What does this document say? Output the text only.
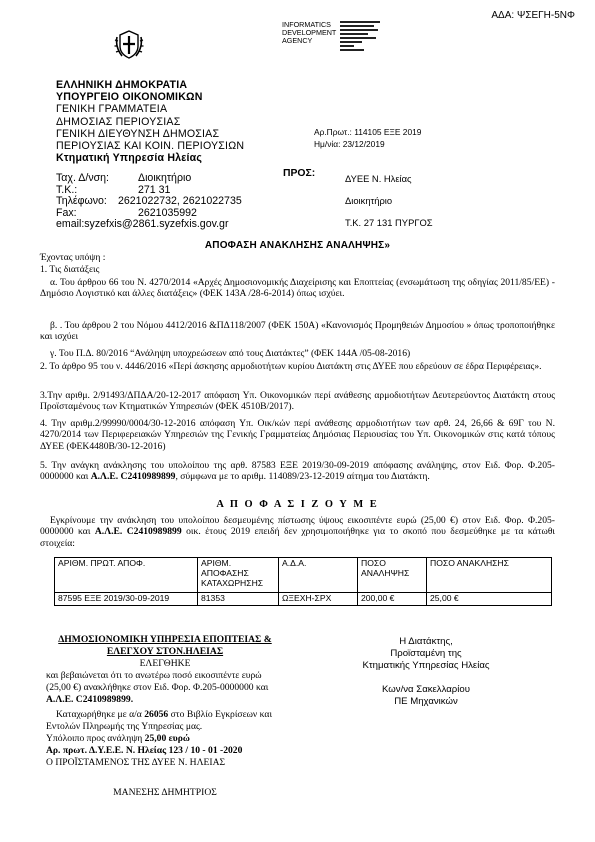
ΑΔΑ: ΨΣΕΓΗ-5ΝΦ
INFORMATICS
DEVELOPMENT
AGENCY
ΕΛΛΗΝΙΚΗ ΔΗΜΟΚΡΑΤΙΑ
ΥΠΟΥΡΓΕΙΟ ΟΙΚΟΝΟΜΙΚΩΝ
ΓΕΝΙΚΗ ΓΡΑΜΜΑΤΕΙΑ
ΔΗΜΟΣΙΑΣ ΠΕΡΙΟΥΣΙΑΣ
ΓΕΝΙΚΗ ΔΙΕΥΘΥΝΣΗ ΔΗΜΟΣΙΑΣ
ΠΕΡΙΟΥΣΙΑΣ ΚΑΙ ΚΟΙΝ. ΠΕΡΙΟΥΣΙΩΝ
Κτηματική Υπηρεσία Ηλείας
Ταχ. Δ/νση:	Διοικητήριο
Τ.Κ.:	271 31
Τηλέφωνο: 2621022732, 2621022735
Fax:	2621035992
email:syzefxis@2861.syzefxis.gov.gr
Αρ.Πρωτ.: 114105 ΕΞΕ 2019
Ημ/νία: 23/12/2019
ΠΡΟΣ:	ΔΥΕΕ Ν. Ηλείας
Διοικητήριο
Τ.Κ. 27 131 ΠΥΡΓΟΣ
ΑΠΟΦΑΣΗ ΑΝΑΚΛΗΣΗΣ ΑΝΑΛΗΨΗΣ»
Έχοντας υπόψη :
1. Τις διατάξεις
α. Του άρθρου 66 του Ν. 4270/2014 «Αρχές Δημοσιονομικής Διαχείρισης και Εποπτείας (ενσωμάτωση της οδηγίας 2011/85/ΕΕ) - Δημόσιο Λογιστικό και άλλες διατάξεις» (ΦΕΚ 143Α /28-6-2014) όπως ισχύει.
β. . Του άρθρου 2 του Νόμου 4412/2016 &ΠΔ118/2007 (ΦΕΚ 150Α) «Κανονισμός Προμηθειών Δημοσίου » όπως τροποποιήθηκε και ισχύει
γ. Του Π.Δ. 80/2016 “Ανάληψη υποχρεώσεων από τους Διατάκτες” (ΦΕΚ 144Α /05-08-2016)
2. Το άρθρο 95 του ν. 4446/2016 «Περί άσκησης αρμοδιοτήτων κυρίου Διατάκτη στις ΔΥΕΕ που εδρεύουν σε έδρα Περιφέρειας».
3.Την αριθμ. 2/91493/ΔΠΔΑ/20-12-2017 απόφαση Υπ. Οικονομικών περί ανάθεσης αρμοδιοτήτων Δευτερεύοντος Διατάκτη στους Προϊσταμένους των Κτηματικών Υπηρεσιών (ΦΕΚ 4510Β/2017).
4. Την αριθμ.2/99990/0004/30-12-2016 απόφαση Υπ. Οικ/κών περί ανάθεσης αρμοδιοτήτων των αρθ. 24, 26,66 & 69Γ του Ν. 4270/2014 των Περιφερειακών Υπηρεσιών της Γενικής Γραμματείας Δημόσιας Περιουσίας του Υπ. Οικονομικών στις κατά τόπους ΔΥΕΕ (ΦΕΚ4480Β/30-12-2016)
5. Την ανάγκη ανάκλησης του υπολοίπου της αρθ. 87583 ΕΞΕ 2019/30-09-2019 απόφασης ανάληψης, στον Ειδ. Φορ. Φ.205-0000000 και Α.Λ.Ε. C2410989899, σύμφωνα με το αριθμ. 114089/23-12-2019 αίτημα του Διατάκτη.
Α Π Ο Φ Α Σ Ι Ζ Ο Υ Μ Ε
Εγκρίνουμε την ανάκληση του υπολοίπου δεσμευμένης πίστωσης ύψους εικοσιπέντε ευρώ (25,00 €) στον Ειδ. Φορ. Φ.205-0000000 και Α.Λ.Ε. C2410989899 οικ. έτους 2019 επειδή δεν χρησιμοποιήθηκε για το σκοπό που δεσμεύθηκε με τα κάτωθι στοιχεία:
ΑΡΙΘΜ. ΠΡΩΤ. ΑΠΟΦ.	ΑΡΙΘΜ. ΑΠΟΦΑΣΗΣ ΚΑΤΑΧΩΡΗΣΗΣ	Α.Δ.Α.	ΠΟΣΟ ΑΝΑΛΗΨΗΣ	ΠΟΣΟ ΑΝΑΚΛΗΣΗΣ
87595 ΕΞΕ 2019/30-09-2019	81353	ΩΞΕΧΗ-ΣΡΧ	200,00 €	25,00 €
ΔΗΜΟΣΙΟΝΟΜΙΚΗ ΥΠΗΡΕΣΙΑ ΕΠΟΠΤΕΙΑΣ &
ΕΛΕΓΧΟΥ ΣΤΟΝ.ΗΛΕΙΑΣ
ΕΛΕΓΘΗΚΕ
και βεβαιώνεται ότι το ανωτέρω ποσό εικοσιπέντε ευρώ
(25,00 €) ανακλήθηκε στον Ειδ. Φορ. Φ.205-0000000 και
Α.Λ.Ε. C2410989899.
Καταχωρήθηκε με α/α 26056 στο Βιβλίο Εγκρίσεων και
Εντολών Πληρωμής της Υπηρεσίας μας.
Υπόλοιπο προς ανάληψη 25,00 ευρώ
Αρ. πρωτ. Δ.Υ.Ε.Ε. Ν. Ηλείας 123 / 10 - 01 -2020
Ο ΠΡΟΪΣΤΑΜΕΝΟΣ ΤΗΣ ΔΥΕΕ Ν. ΗΛΕΙΑΣ
ΜΑΝΕΣΗΣ ΔΗΜΗΤΡΙΟΣ
Η Διατάκτης,
Προϊσταμένη της
Κτηματικής Υπηρεσίας Ηλείας
Κων/να Σακελλαρίου
ΠΕ Μηχανικών
